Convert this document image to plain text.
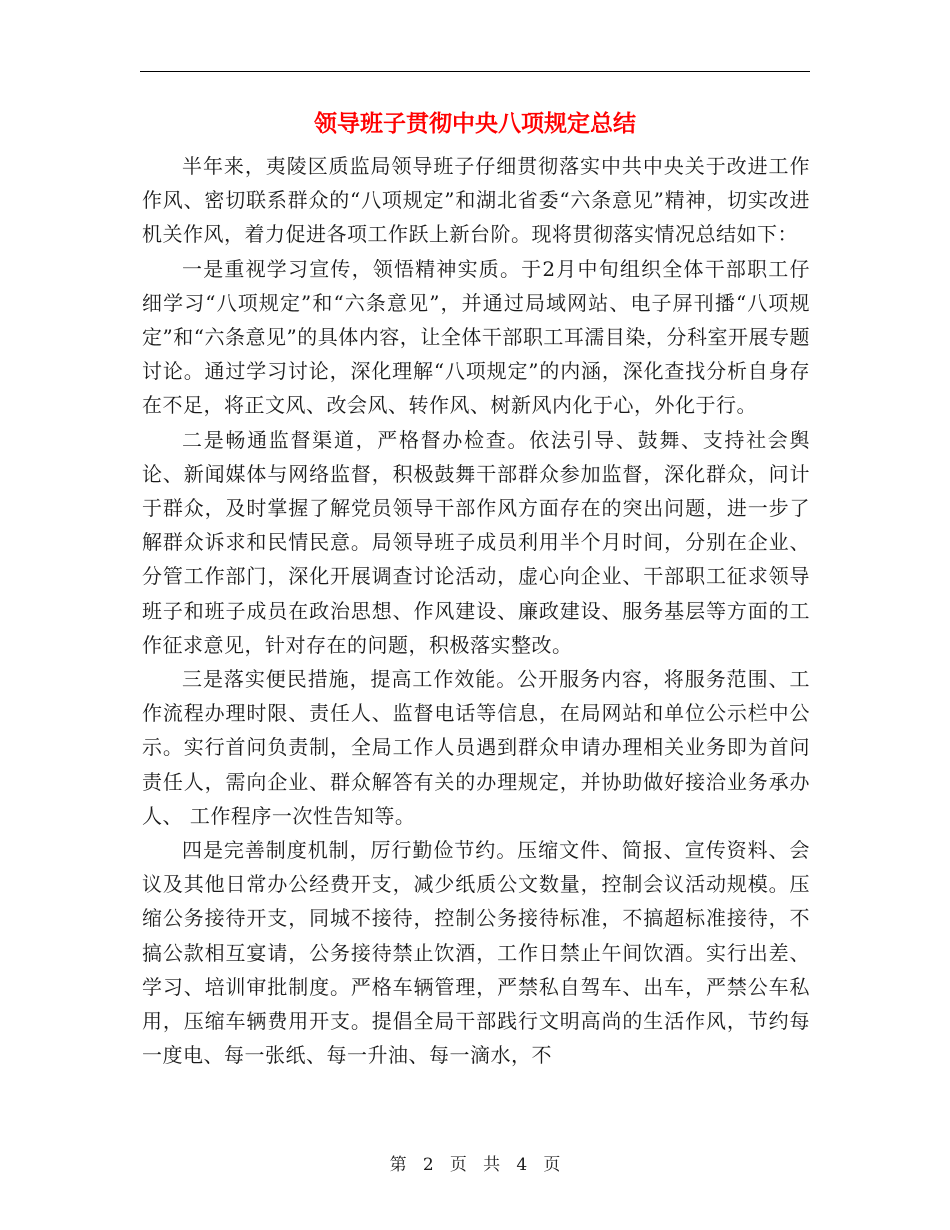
领导班子贯彻中央八项规定总结

半年来，夷陵区质监局领导班子仔细贯彻落实中共中央关于改进工作作风、密切联系群众的“八项规定”和湖北省委“六条意见”精神，切实改进机关作风，着力促进各项工作跃上新台阶。现将贯彻落实情况总结如下：

一是重视学习宣传，领悟精神实质。于2月中旬组织全体干部职工仔细学习“八项规定”和“六条意见”，并通过局域网站、电子屏刊播“八项规定”和“六条意见”的具体内容，让全体干部职工耳濡目染，分科室开展专题讨论。通过学习讨论，深化理解“八项规定”的内涵，深化查找分析自身存在不足，将正文风、改会风、转作风、树新风内化于心，外化于行。

二是畅通监督渠道，严格督办检查。依法引导、鼓舞、支持社会舆论、新闻媒体与网络监督，积极鼓舞干部群众参加监督，深化群众，问计于群众，及时掌握了解党员领导干部作风方面存在的突出问题，进一步了解群众诉求和民情民意。局领导班子成员利用半个月时间，分别在企业、分管工作部门，深化开展调查讨论活动，虚心向企业、干部职工征求领导班子和班子成员在政治思想、作风建设、廉政建设、服务基层等方面的工作征求意见，针对存在的问题，积极落实整改。

三是落实便民措施，提高工作效能。公开服务内容，将服务范围、工作流程办理时限、责任人、监督电话等信息，在局网站和单位公示栏中公示。实行首问负责制，全局工作人员遇到群众申请办理相关业务即为首问责任人，需向企业、群众解答有关的办理规定，并协助做好接洽业务承办人、 工作程序一次性告知等。

四是完善制度机制，厉行勤俭节约。压缩文件、简报、宣传资料、会议及其他日常办公经费开支，减少纸质公文数量，控制会议活动规模。压缩公务接待开支，同城不接待，控制公务接待标准，不搞超标准接待，不搞公款相互宴请，公务接待禁止饮酒，工作日禁止午间饮酒。实行出差、学习、培训审批制度。严格车辆管理，严禁私自驾车、出车，严禁公车私用，压缩车辆费用开支。提倡全局干部践行文明高尚的生活作风，节约每一度电、每一张纸、每一升油、每一滴水，不

第 2 页 共 4 页
